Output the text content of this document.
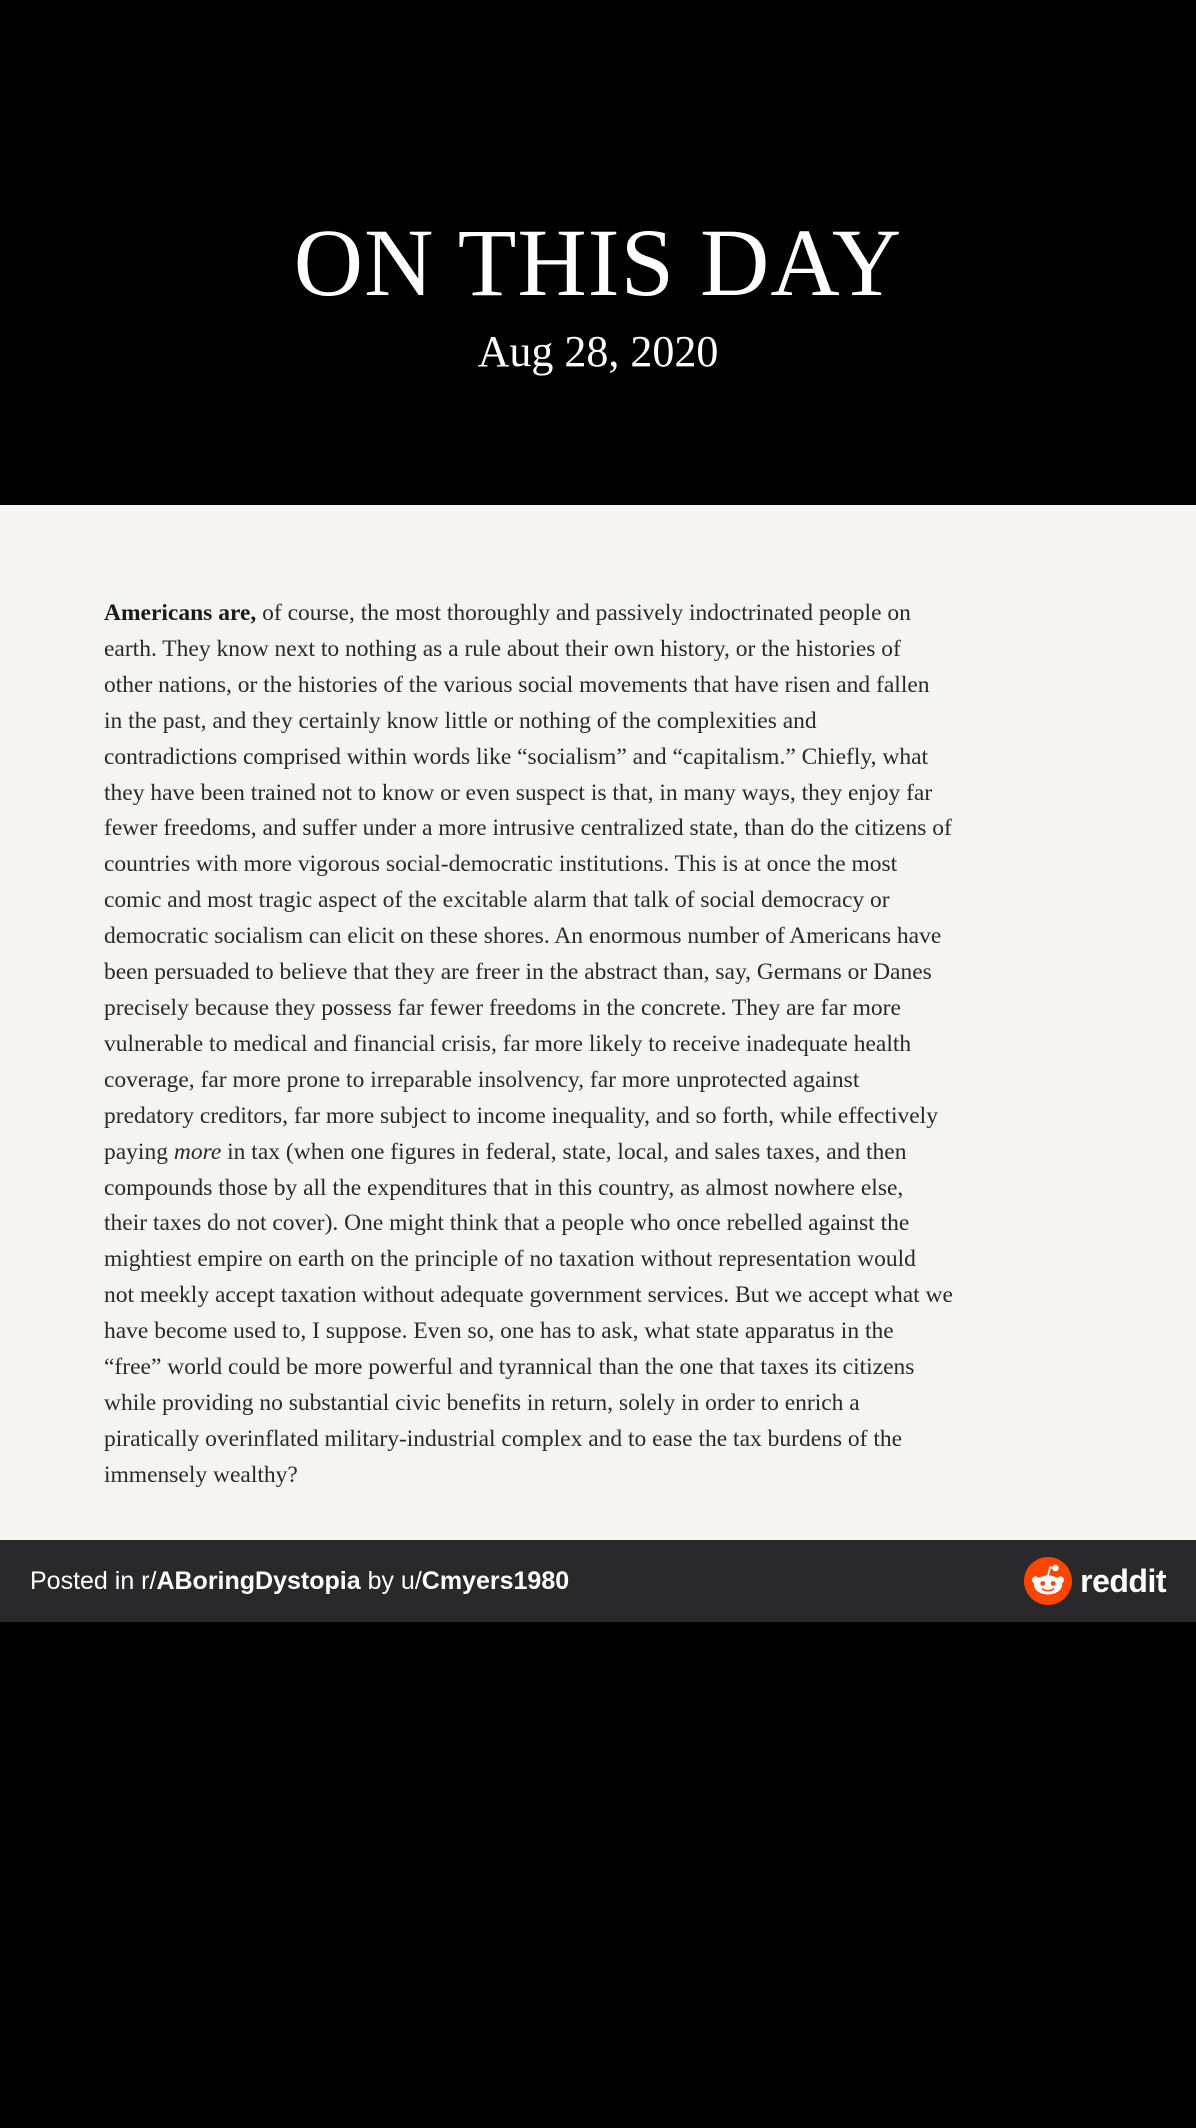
ON THIS DAY
Aug 28, 2020

Americans are, of course, the most thoroughly and passively indoctrinated people on
earth. They know next to nothing as a rule about their own history, or the histories of
other nations, or the histories of the various social movements that have risen and fallen
in the past, and they certainly know little or nothing of the complexities and
contradictions comprised within words like “socialism” and “capitalism.” Chiefly, what
they have been trained not to know or even suspect is that, in many ways, they enjoy far
fewer freedoms, and suffer under a more intrusive centralized state, than do the citizens of
countries with more vigorous social-democratic institutions. This is at once the most
comic and most tragic aspect of the excitable alarm that talk of social democracy or
democratic socialism can elicit on these shores. An enormous number of Americans have
been persuaded to believe that they are freer in the abstract than, say, Germans or Danes
precisely because they possess far fewer freedoms in the concrete. They are far more
vulnerable to medical and financial crisis, far more likely to receive inadequate health
coverage, far more prone to irreparable insolvency, far more unprotected against
predatory creditors, far more subject to income inequality, and so forth, while effectively
paying more in tax (when one figures in federal, state, local, and sales taxes, and then
compounds those by all the expenditures that in this country, as almost nowhere else,
their taxes do not cover). One might think that a people who once rebelled against the
mightiest empire on earth on the principle of no taxation without representation would
not meekly accept taxation without adequate government services. But we accept what we
have become used to, I suppose. Even so, one has to ask, what state apparatus in the
“free” world could be more powerful and tyrannical than the one that taxes its citizens
while providing no substantial civic benefits in return, solely in order to enrich a
piratically overinflated military-industrial complex and to ease the tax burdens of the
immensely wealthy?

Posted in r/ABoringDystopia by u/Cmyers1980	reddit
